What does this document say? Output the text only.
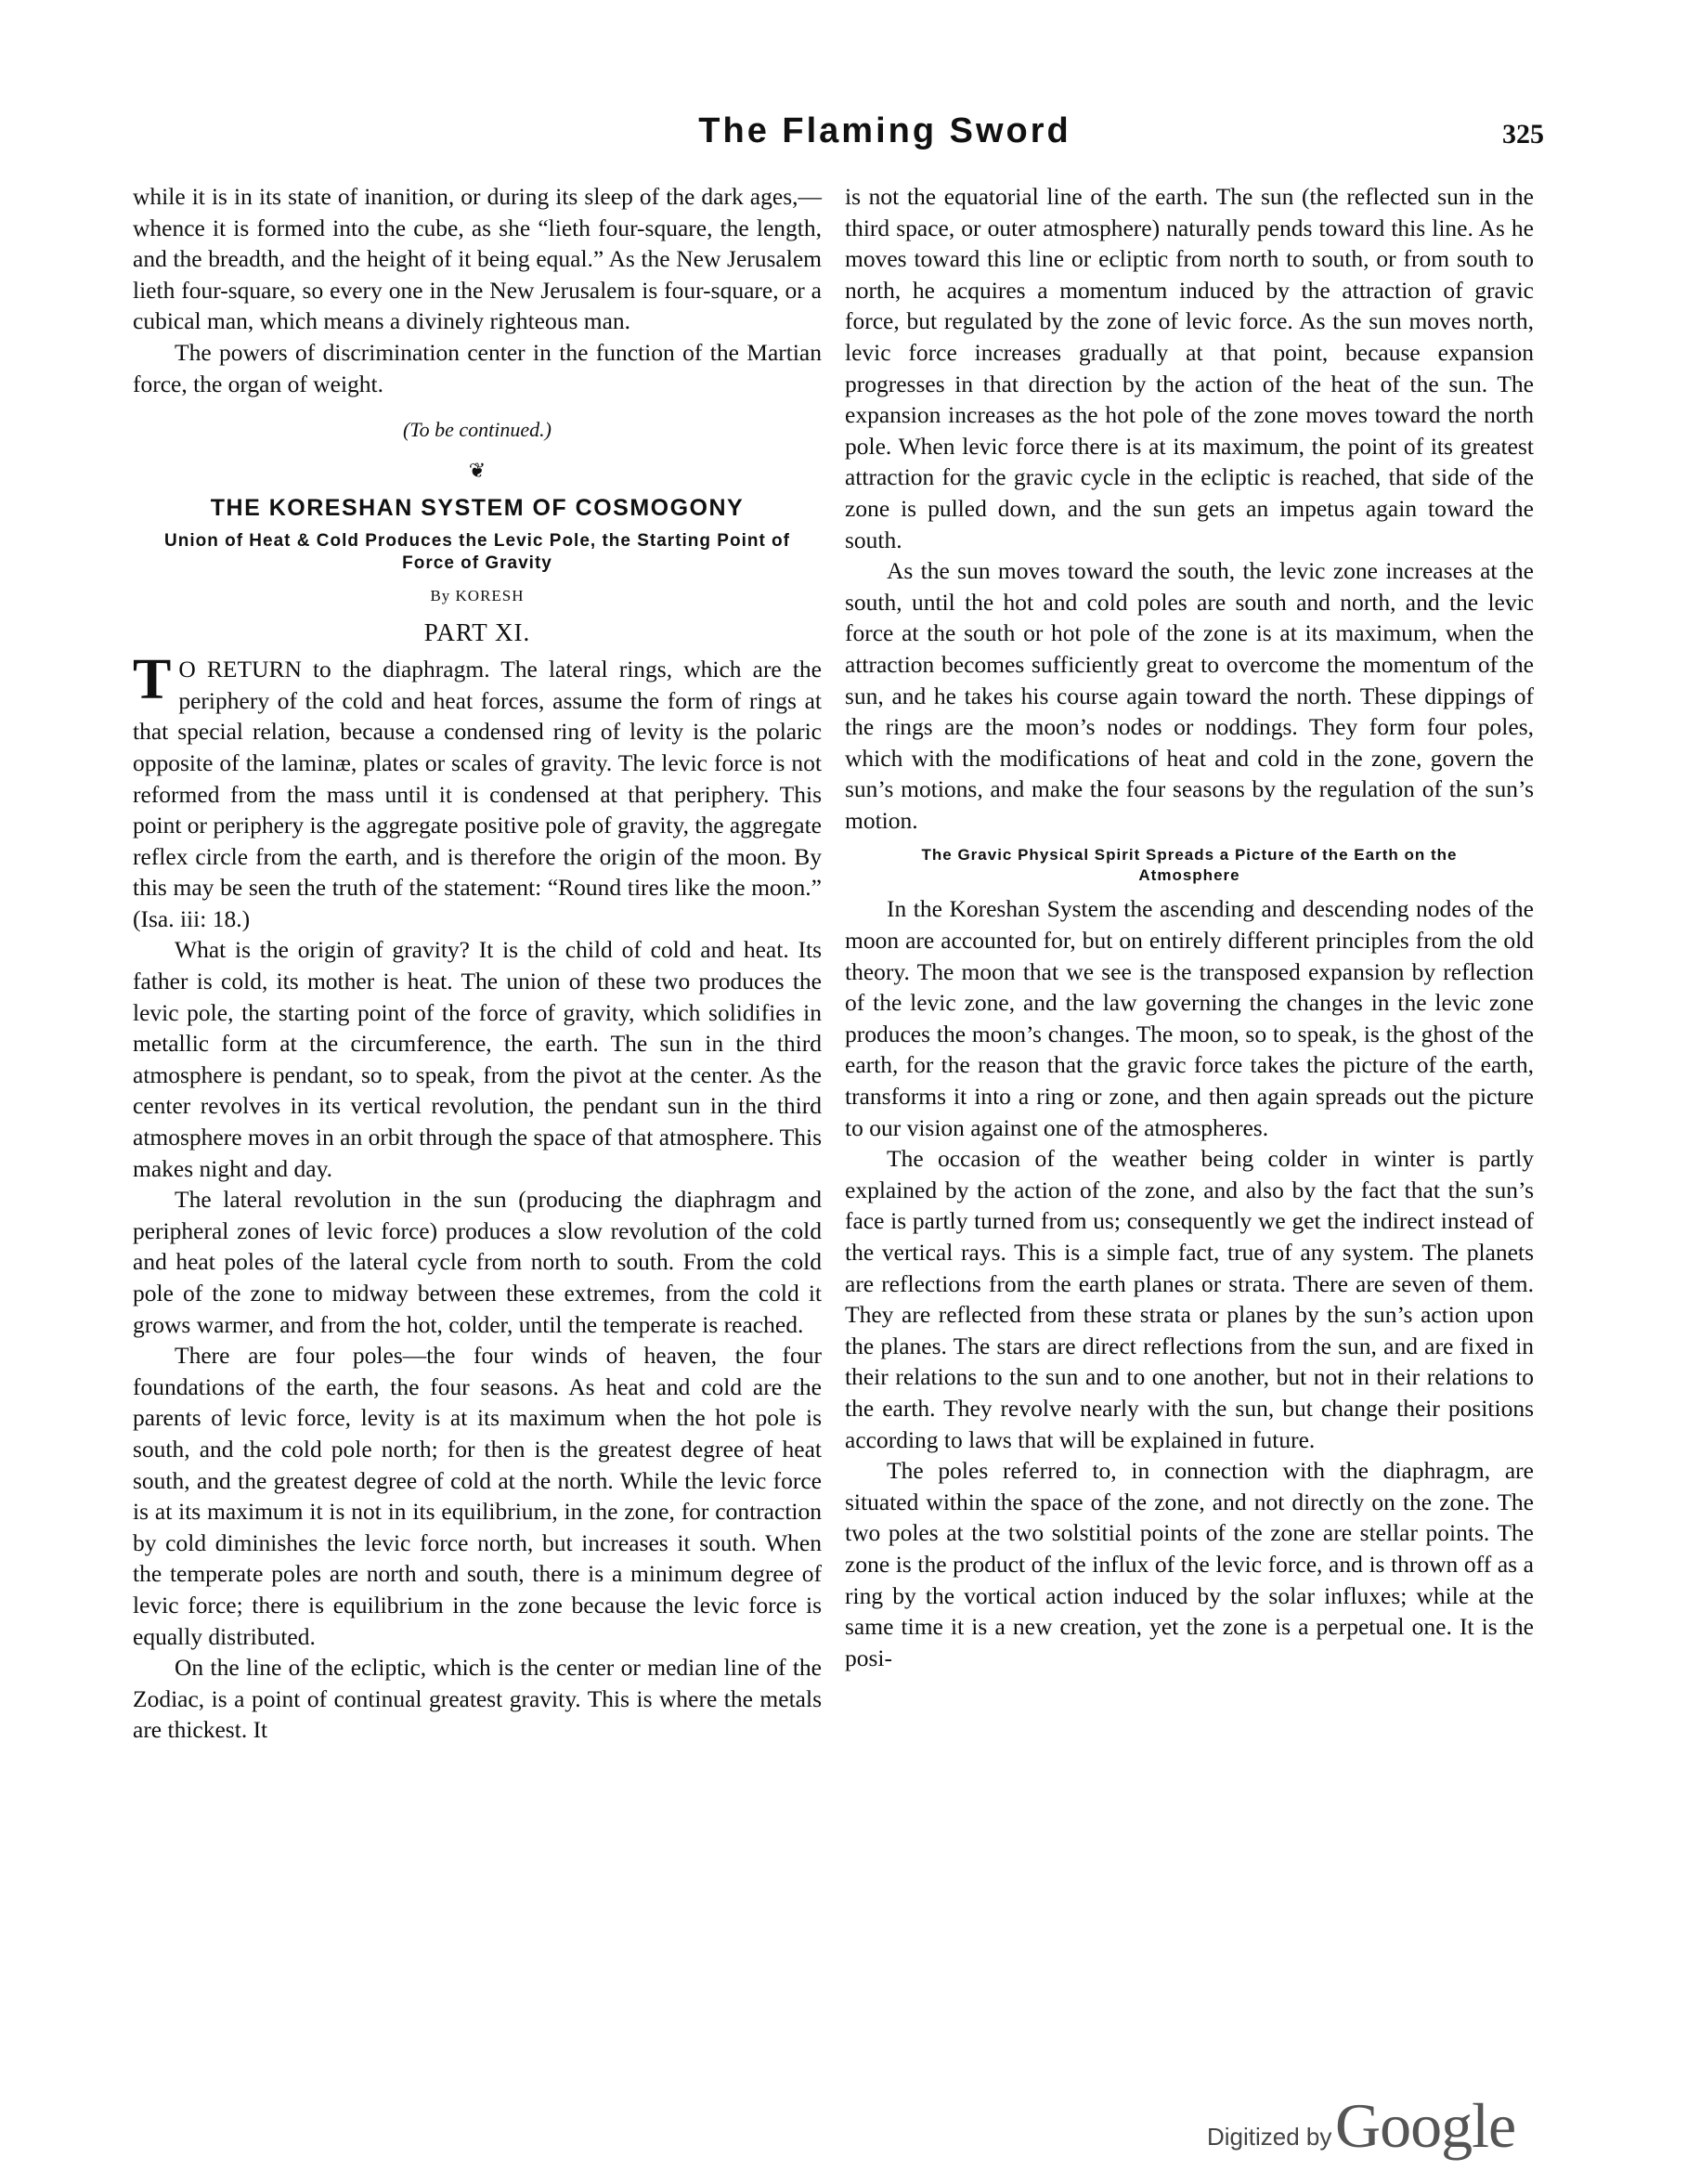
The Flaming Sword	325

while it is in its state of inanition, or during its sleep of the dark ages,—whence it is formed into the cube, as she “lieth four-square, the length, and the breadth, and the height of it being equal.” As the New Jerusalem lieth four-square, so every one in the New Jerusalem is four-square, or a cubical man, which means a divinely righteous man.

The powers of discrimination center in the function of the Martian force, the organ of weight.

(To be continued.)
❦
THE KORESHAN SYSTEM OF COSMOGONY
Union of Heat & Cold Produces the Levic Pole, the Starting Point of Force of Gravity
By KORESH
PART XI.

T O RETURN to the diaphragm. The lateral rings, which are the periphery of the cold and heat forces, assume the form of rings at that special relation, because a condensed ring of levity is the polaric opposite of the laminæ, plates or scales of gravity. The levic force is not reformed from the mass until it is condensed at that periphery. This point or periphery is the aggregate positive pole of gravity, the aggregate reflex circle from the earth, and is therefore the origin of the moon. By this may be seen the truth of the statement: “Round tires like the moon.” (Isa. iii: 18.)

What is the origin of gravity? It is the child of cold and heat. Its father is cold, its mother is heat. The union of these two produces the levic pole, the starting point of the force of gravity, which solidifies in metallic form at the circumference, the earth. The sun in the third atmosphere is pendant, so to speak, from the pivot at the center. As the center revolves in its vertical revolution, the pendant sun in the third atmosphere moves in an orbit through the space of that atmosphere. This makes night and day.

The lateral revolution in the sun (producing the diaphragm and peripheral zones of levic force) produces a slow revolution of the cold and heat poles of the lateral cycle from north to south. From the cold pole of the zone to midway between these extremes, from the cold it grows warmer, and from the hot, colder, until the temperate is reached.

There are four poles—the four winds of heaven, the four foundations of the earth, the four seasons. As heat and cold are the parents of levic force, levity is at its maximum when the hot pole is south, and the cold pole north; for then is the greatest degree of heat south, and the greatest degree of cold at the north. While the levic force is at its maximum it is not in its equilibrium, in the zone, for contraction by cold diminishes the levic force north, but increases it south. When the temperate poles are north and south, there is a minimum degree of levic force; there is equilibrium in the zone because the levic force is equally distributed.

On the line of the ecliptic, which is the center or median line of the Zodiac, is a point of continual greatest gravity. This is where the metals are thickest. It

is not the equatorial line of the earth. The sun (the reflected sun in the third space, or outer atmosphere) naturally pends toward this line. As he moves toward this line or ecliptic from north to south, or from south to north, he acquires a momentum induced by the attraction of gravic force, but regulated by the zone of levic force. As the sun moves north, levic force increases gradually at that point, because expansion progresses in that direction by the action of the heat of the sun. The expansion increases as the hot pole of the zone moves toward the north pole. When levic force there is at its maximum, the point of its greatest attraction for the gravic cycle in the ecliptic is reached, that side of the zone is pulled down, and the sun gets an impetus again toward the south.

As the sun moves toward the south, the levic zone increases at the south, until the hot and cold poles are south and north, and the levic force at the south or hot pole of the zone is at its maximum, when the attraction becomes sufficiently great to overcome the momentum of the sun, and he takes his course again toward the north. These dippings of the rings are the moon’s nodes or noddings. They form four poles, which with the modifications of heat and cold in the zone, govern the sun’s motions, and make the four seasons by the regulation of the sun’s motion.

The Gravic Physical Spirit Spreads a Picture of the Earth on the Atmosphere

In the Koreshan System the ascending and descending nodes of the moon are accounted for, but on entirely different principles from the old theory. The moon that we see is the transposed expansion by reflection of the levic zone, and the law governing the changes in the levic zone produces the moon’s changes. The moon, so to speak, is the ghost of the earth, for the reason that the gravic force takes the picture of the earth, transforms it into a ring or zone, and then again spreads out the picture to our vision against one of the atmospheres.

The occasion of the weather being colder in winter is partly explained by the action of the zone, and also by the fact that the sun’s face is partly turned from us; consequently we get the indirect instead of the vertical rays. This is a simple fact, true of any system. The planets are reflections from the earth planes or strata. There are seven of them. They are reflected from these strata or planes by the sun’s action upon the planes. The stars are direct reflections from the sun, and are fixed in their relations to the sun and to one another, but not in their relations to the earth. They revolve nearly with the sun, but change their positions according to laws that will be explained in future.

The poles referred to, in connection with the diaphragm, are situated within the space of the zone, and not directly on the zone. The two poles at the two solstitial points of the zone are stellar points. The zone is the product of the influx of the levic force, and is thrown off as a ring by the vortical action induced by the solar influxes; while at the same time it is a new creation, yet the zone is a perpetual one. It is the posi-

Digitized by Google
